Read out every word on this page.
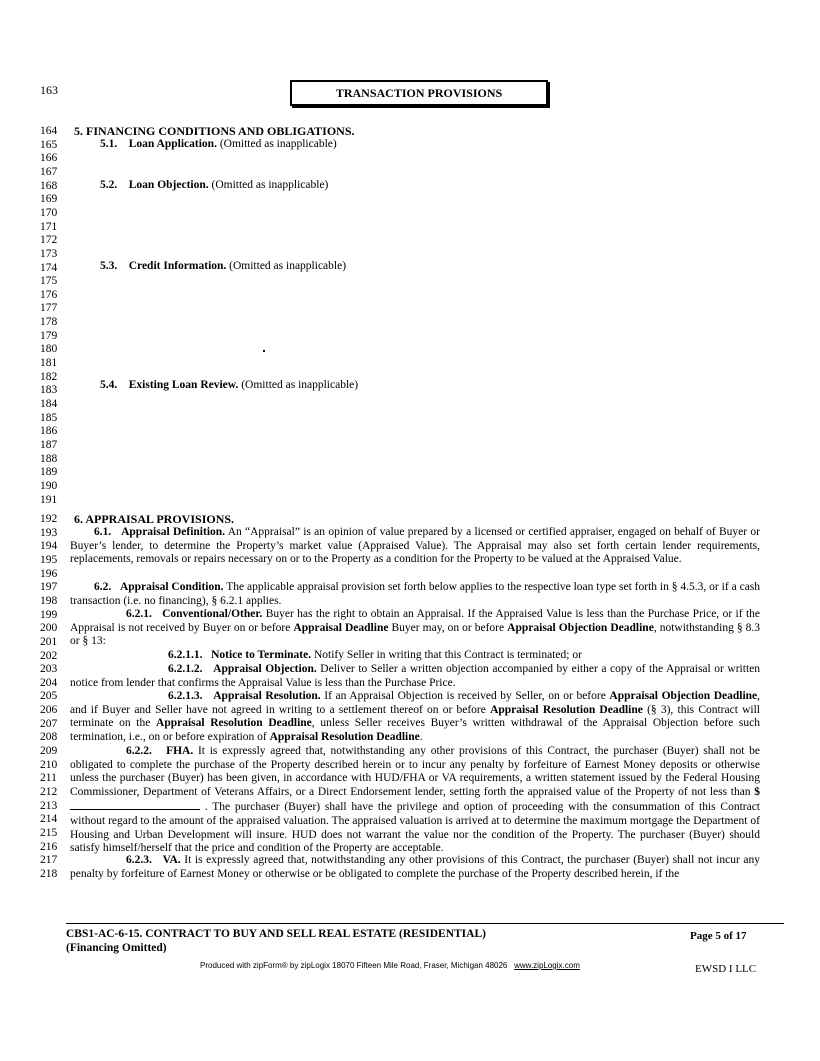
163	TRANSACTION PROVISIONS
164
165
166
167
168
169
170
171
172
173
174
175
176
177
178
179
180
181
182
183
184
185
186
187
188
189
190
191
5. FINANCING CONDITIONS AND OBLIGATIONS.
5.1. Loan Application. (Omitted as inapplicable)
5.2. Loan Objection. (Omitted as inapplicable)
5.3. Credit Information. (Omitted as inapplicable)
5.4. Existing Loan Review. (Omitted as inapplicable)
192
193
194
195
196
197
198
199
200
201
202
203
204
205
206
207
208
209
210
211
212
213
214
215
216
217
218
6. APPRAISAL PROVISIONS.
6.1. Appraisal Definition. An “Appraisal” is an opinion of value prepared by a licensed or certified appraiser, engaged on behalf of Buyer or Buyer’s lender, to determine the Property’s market value (Appraised Value). The Appraisal may also set forth certain lender requirements, replacements, removals or repairs necessary on or to the Property as a condition for the Property to be valued at the Appraised Value.
6.2. Appraisal Condition. The applicable appraisal provision set forth below applies to the respective loan type set forth in § 4.5.3, or if a cash transaction (i.e. no financing), § 6.2.1 applies.
6.2.1. Conventional/Other. Buyer has the right to obtain an Appraisal. If the Appraised Value is less than the Purchase Price, or if the Appraisal is not received by Buyer on or before Appraisal Deadline Buyer may, on or before Appraisal Objection Deadline, notwithstanding § 8.3 or § 13:
6.2.1.1. Notice to Terminate. Notify Seller in writing that this Contract is terminated; or
6.2.1.2. Appraisal Objection. Deliver to Seller a written objection accompanied by either a copy of the Appraisal or written notice from lender that confirms the Appraisal Value is less than the Purchase Price.
6.2.1.3. Appraisal Resolution. If an Appraisal Objection is received by Seller, on or before Appraisal Objection Deadline, and if Buyer and Seller have not agreed in writing to a settlement thereof on or before Appraisal Resolution Deadline (§ 3), this Contract will terminate on the Appraisal Resolution Deadline, unless Seller receives Buyer’s written withdrawal of the Appraisal Objection before such termination, i.e., on or before expiration of Appraisal Resolution Deadline.
6.2.2. FHA. It is expressly agreed that, notwithstanding any other provisions of this Contract, the purchaser (Buyer) shall not be obligated to complete the purchase of the Property described herein or to incur any penalty by forfeiture of Earnest Money deposits or otherwise unless the purchaser (Buyer) has been given, in accordance with HUD/FHA or VA requirements, a written statement issued by the Federal Housing Commissioner, Department of Veterans Affairs, or a Direct Endorsement lender, setting forth the appraised value of the Property of not less than $ . The purchaser (Buyer) shall have the privilege and option of proceeding with the consummation of this Contract without regard to the amount of the appraised valuation. The appraised valuation is arrived at to determine the maximum mortgage the Department of Housing and Urban Development will insure. HUD does not warrant the value nor the condition of the Property. The purchaser (Buyer) should satisfy himself/herself that the price and condition of the Property are acceptable.
6.2.3. VA. It is expressly agreed that, notwithstanding any other provisions of this Contract, the purchaser (Buyer) shall not incur any penalty by forfeiture of Earnest Money or otherwise or be obligated to complete the purchase of the Property described herein, if the
CBS1-AC-6-15. CONTRACT TO BUY AND SELL REAL ESTATE (RESIDENTIAL)
(Financing Omitted)
Page 5 of 17
Produced with zipForm® by zipLogix 18070 Fifteen Mile Road, Fraser, Michigan 48026 www.zipLogix.com	EWSD I LLC
